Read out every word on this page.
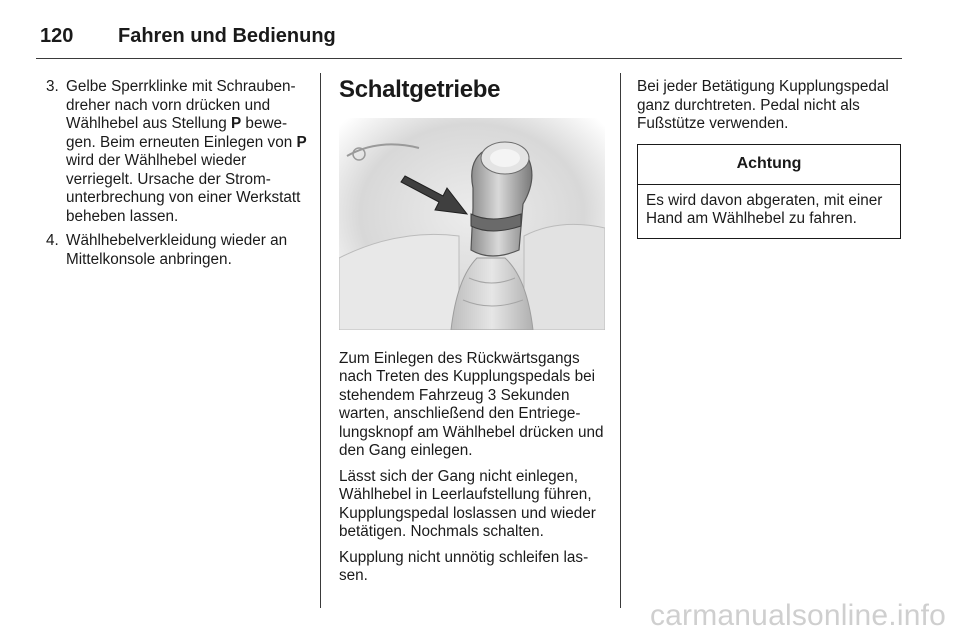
120 Fahren und Bedienung
3. Gelbe Sperrklinke mit Schraubendreher nach vorn drücken und Wählhebel aus Stellung P bewegen. Beim erneuten Einlegen von P wird der Wählhebel wieder verriegelt. Ursache der Stromunterbrechung von einer Werkstatt beheben lassen.
4. Wählhebelverkleidung wieder an Mittelkonsole anbringen.
Schaltgetriebe

Zum Einlegen des Rückwärtsgangs nach Treten des Kupplungspedals bei stehendem Fahrzeug 3 Sekunden warten, anschließend den Entriegelungsknopf am Wählhebel drücken und den Gang einlegen.

Lässt sich der Gang nicht einlegen, Wählhebel in Leerlaufstellung führen, Kupplungspedal loslassen und wieder betätigen. Nochmals schalten.

Kupplung nicht unnötig schleifen lassen.

Bei jeder Betätigung Kupplungspedal ganz durchtreten. Pedal nicht als Fußstütze verwenden.

Achtung
Es wird davon abgeraten, mit einer Hand am Wählhebel zu fahren.
carmanualsonline.info
